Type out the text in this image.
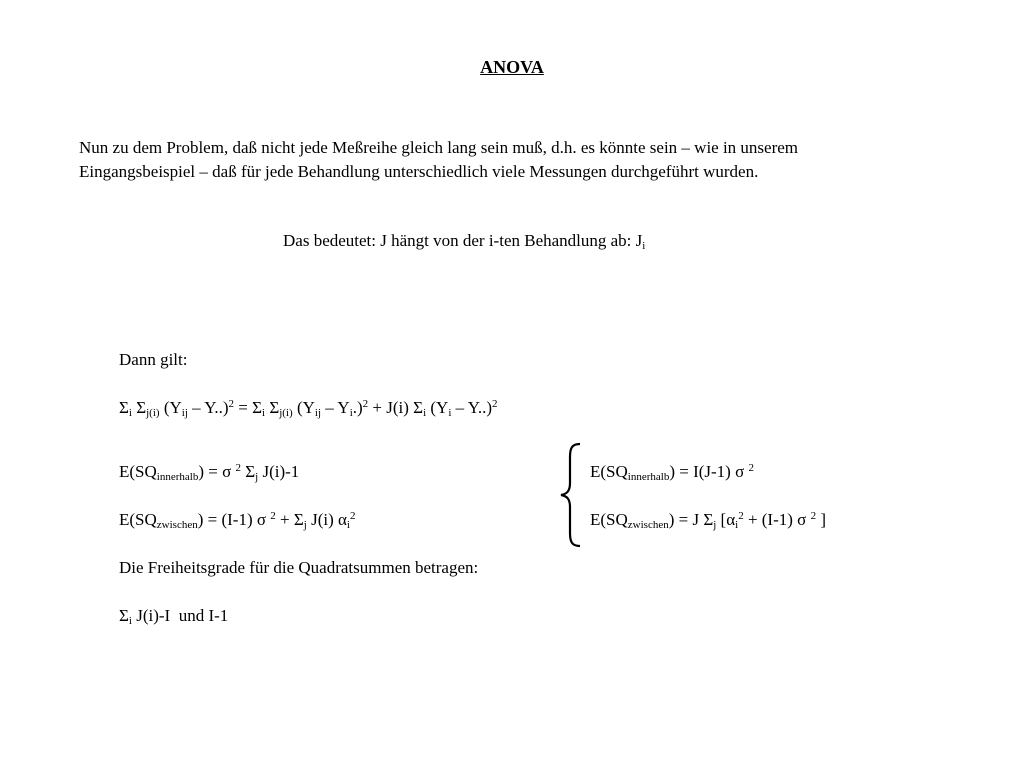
ANOVA
Nun zu dem Problem, daß nicht jede Meßreihe gleich lang sein muß, d.h. es könnte sein – wie in unserem
Eingangsbeispiel – daß für jede Behandlung unterschiedlich viele Messungen durchgeführt wurden.
Das bedeutet: J hängt von der i-ten Behandlung ab: $J_i$
Dann gilt:
$\Sigma_i$ $\Sigma_{j(i)}$ $(Y_{ij} - Y..)^2 = \Sigma_i$ $\Sigma_{j(i)}$ $(Y_{ij} - Y_i.)^2 + J(i)$ $\Sigma_i$ $(Y_i - Y..)^2$
$E(SQ_{innerhalb}) = \sigma$ $^2$ $\Sigma_j$ J(i)-1
$E(SQ_{zwischen}) = (I-1)$ σ $^2 + \Sigma_j$ J(i) $\alpha_i^2$
$E(SQ_{innerhalb}) = I(J-1)$ σ $^2$
$E(SQ_{zwischen}) = J$ $\Sigma_j$ [$\alpha_i^2 + (I-1)$ σ $^2$ ]
Die Freiheitsgrade für die Quadratsummen betragen:
$\Sigma_i$ J(i)-I  und I-1
